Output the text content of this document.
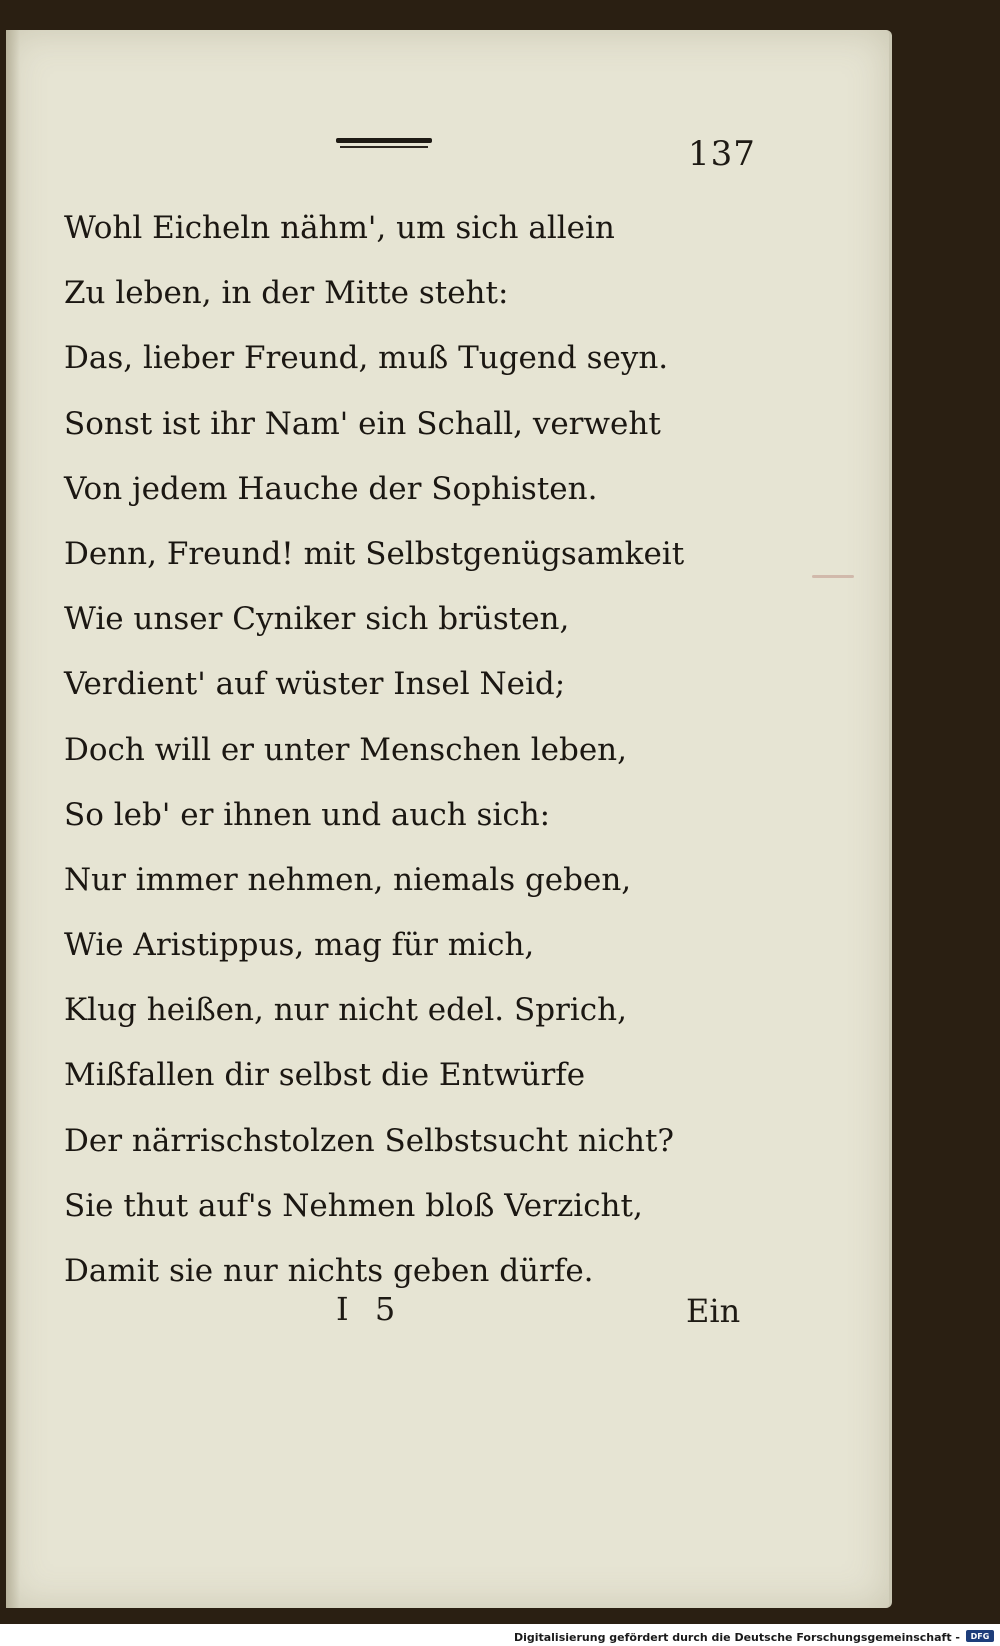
137
Wohl Eicheln nähm', um sich allein
Zu leben, in der Mitte steht:
Das, lieber Freund, muß Tugend seyn.
Sonst ist ihr Nam' ein Schall, verweht
Von jedem Hauche der Sophisten.
Denn, Freund! mit Selbstgenügsamkeit
Wie unser Cyniker sich brüsten,
Verdient' auf wüster Insel Neid;
Doch will er unter Menschen leben,
So leb' er ihnen und auch sich:
Nur immer nehmen, niemals geben,
Wie Aristippus, mag für mich,
Klug heißen, nur nicht edel. Sprich,
Mißfallen dir selbst die Entwürfe
Der närrischstolzen Selbstsucht nicht?
Sie thut auf's Nehmen bloß Verzicht,
Damit sie nur nichts geben dürfe.
I 5	Ein
Digitalisierung gefördert durch die Deutsche Forschungsgemeinschaft - DFG
